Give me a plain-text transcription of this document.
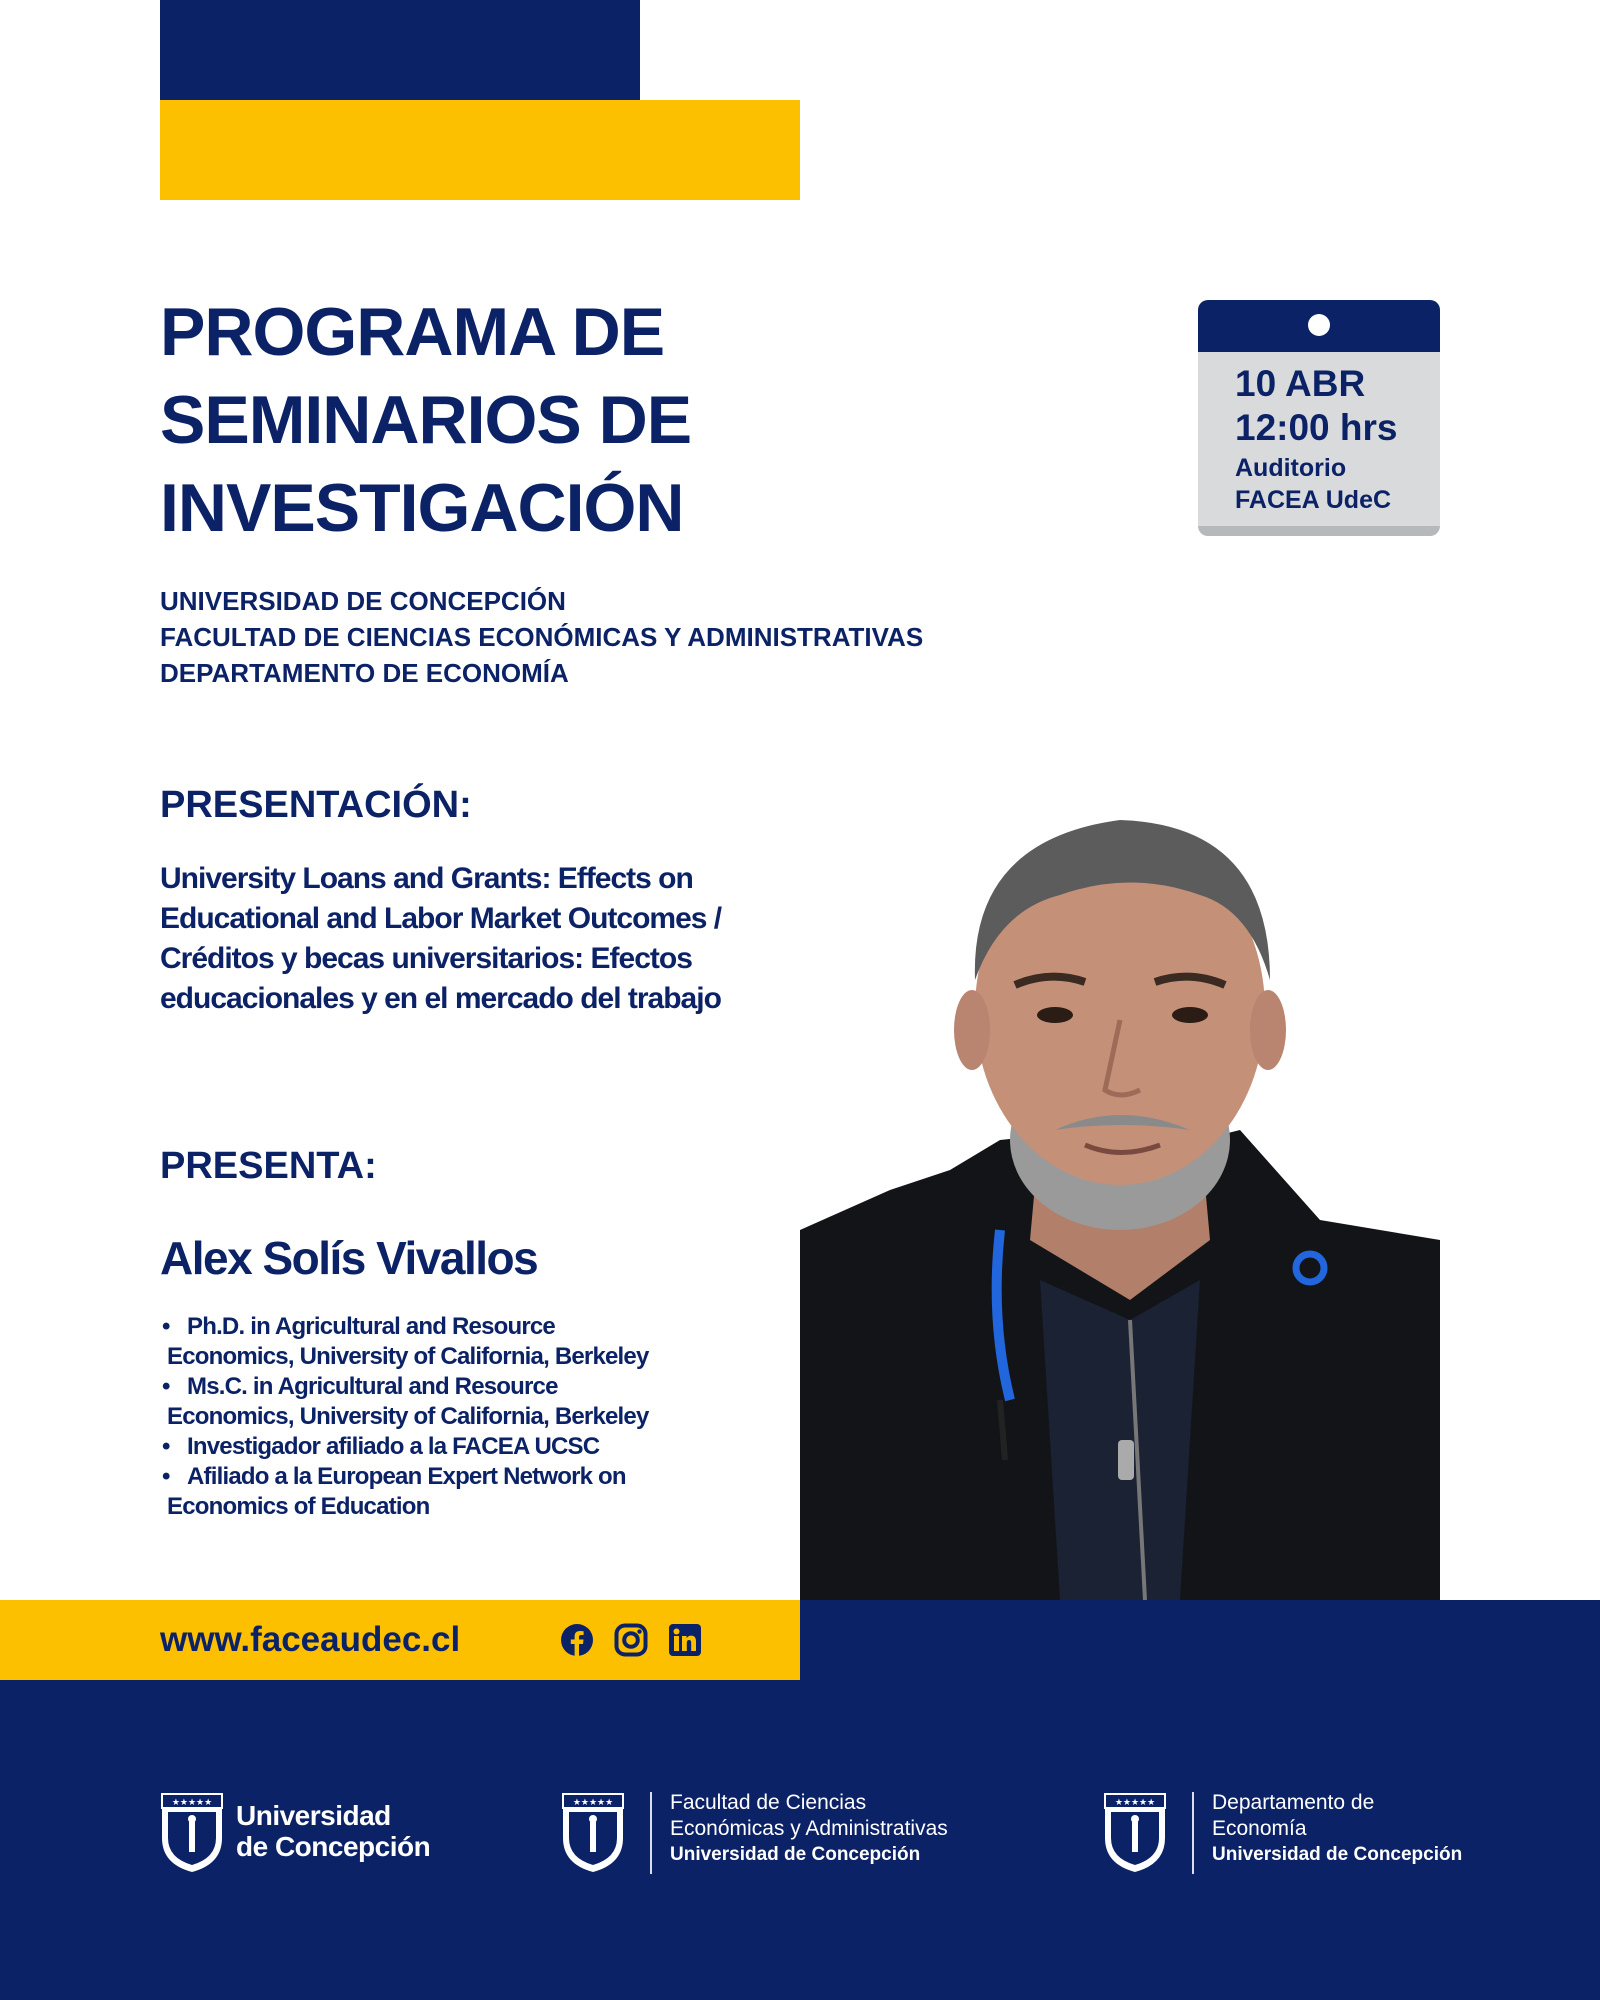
PROGRAMA DE
SEMINARIOS DE
INVESTIGACIÓN
UNIVERSIDAD DE CONCEPCIÓN
FACULTAD DE CIENCIAS ECONÓMICAS Y ADMINISTRATIVAS
DEPARTAMENTO DE ECONOMÍA
10 ABR
12:00 hrs
Auditorio
FACEA UdeC
PRESENTACIÓN:
University Loans and Grants: Effects on Educational and Labor Market Outcomes / Créditos y becas universitarios: Efectos educacionales y en el mercado del trabajo
PRESENTA:
Alex Solís Vivallos
• Ph.D. in Agricultural and Resource
Economics, University of California, Berkeley
• Ms.C. in Agricultural and Resource
Economics, University of California, Berkeley
• Investigador afiliado a la FACEA UCSC
• Afiliado a la European Expert Network on
Economics of Education
www.faceaudec.cl
★★★★★ Universidad
de Concepción
★★★★★	Facultad de Ciencias
Económicas y Administrativas
Universidad de Concepción
★★★★★	Departamento de
Economía
Universidad de Concepción
